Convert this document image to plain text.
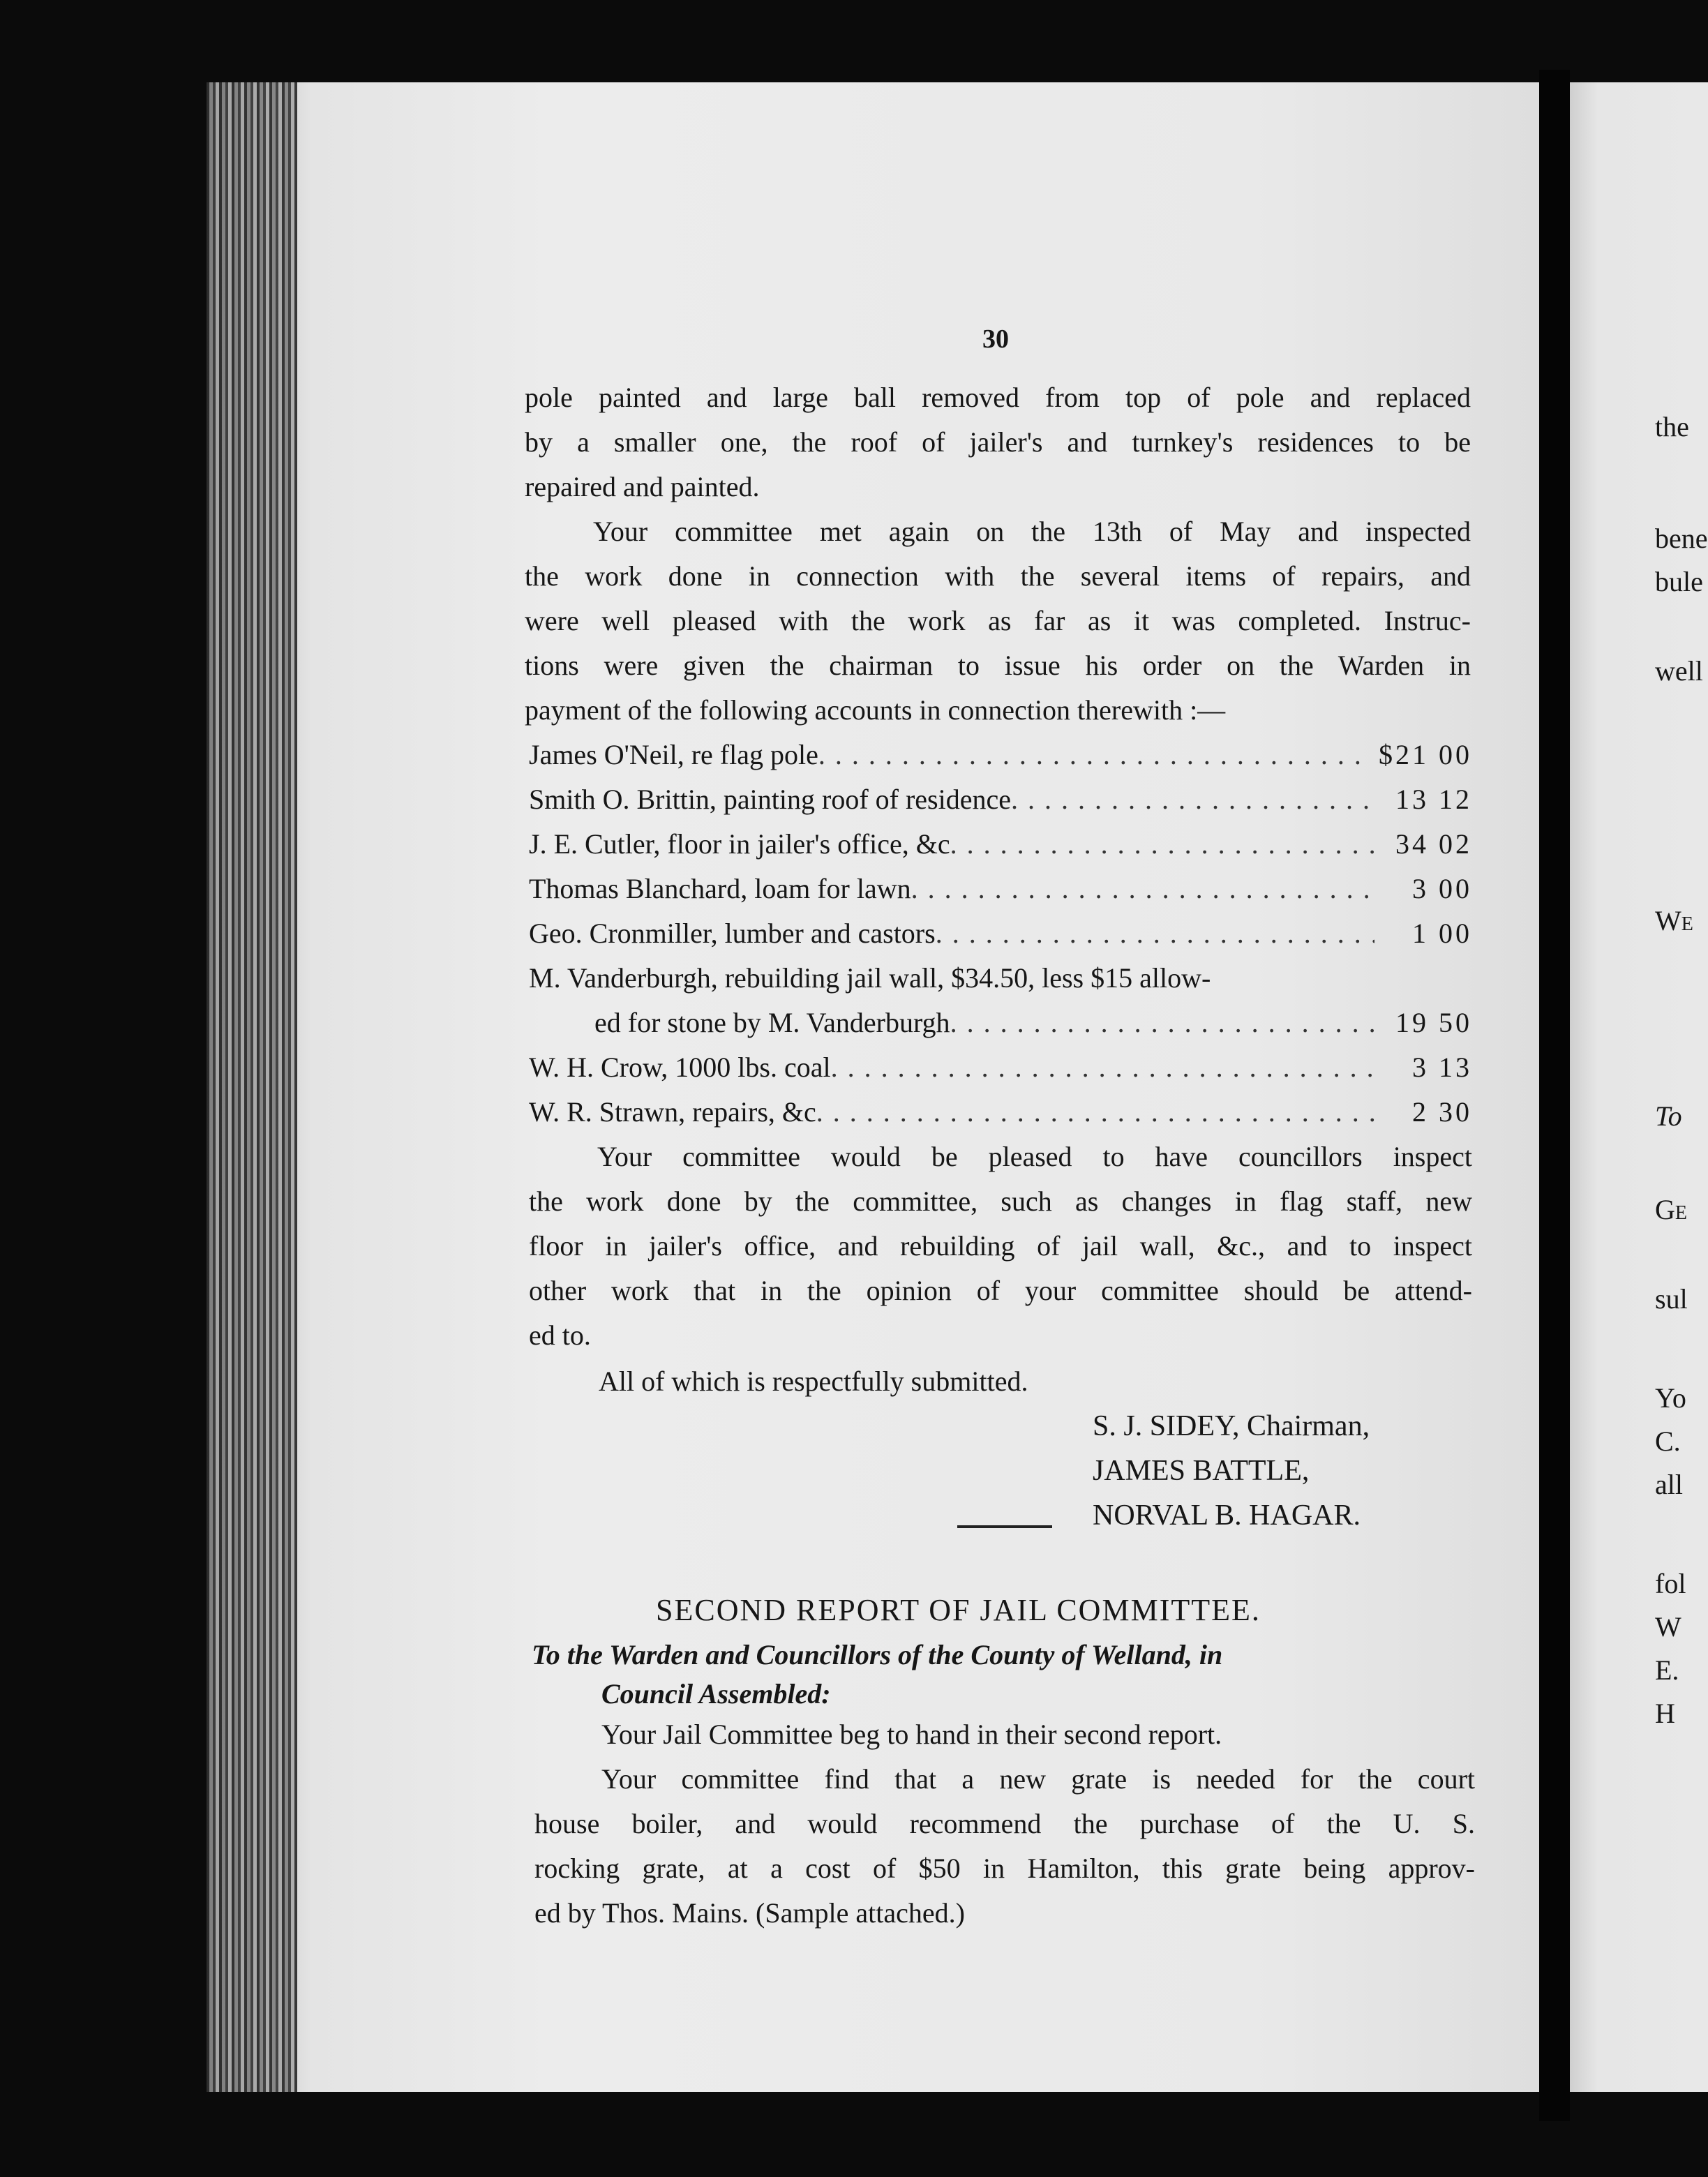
the
bene
bule
well
We
To
Ge
sul
Yo
C.
all
fol
W
E.
H
30
pole painted and large ball removed from top of pole and replaced
by a smaller one, the roof of jailer's and turnkey's residences to be
repaired and painted.
Your committee met again on the 13th of May and inspected
the work done in connection with the several items of repairs, and
were well pleased with the work as far as it was completed. Instruc-
tions were given the chairman to issue his order on the Warden in
payment of the following accounts in connection therewith :—
James O'Neil, re flag pole . . .	$21 00
Smith O. Brittin, painting roof of residence . . .	13 12
J. E. Cutler, floor in jailer's office, &c . . .	34 02
Thomas Blanchard, loam for lawn . . .	3 00
Geo. Cronmiller, lumber and castors . . .	1 00
M. Vanderburgh, rebuilding jail wall, $34.50, less $15 allow-
ed for stone by M. Vanderburgh . . .	19 50
W. H. Crow, 1000 lbs. coal . . .	3 13
W. R. Strawn, repairs, &c . . .	2 30
Your committee would be pleased to have councillors inspect
the work done by the committee, such as changes in flag staff, new
floor in jailer's office, and rebuilding of jail wall, &c., and to inspect
other work that in the opinion of your committee should be attend-
ed to.
All of which is respectfully submitted.
S. J. SIDEY, Chairman,
JAMES BATTLE,
NORVAL B. HAGAR.
SECOND REPORT OF JAIL COMMITTEE.
To the Warden and Councillors of the County of Welland, in
Council Assembled:
Your Jail Committee beg to hand in their second report.
Your committee find that a new grate is needed for the court
house boiler, and would recommend the purchase of the U. S.
rocking grate, at a cost of $50 in Hamilton, this grate being approv-
ed by Thos. Mains. (Sample attached.)
